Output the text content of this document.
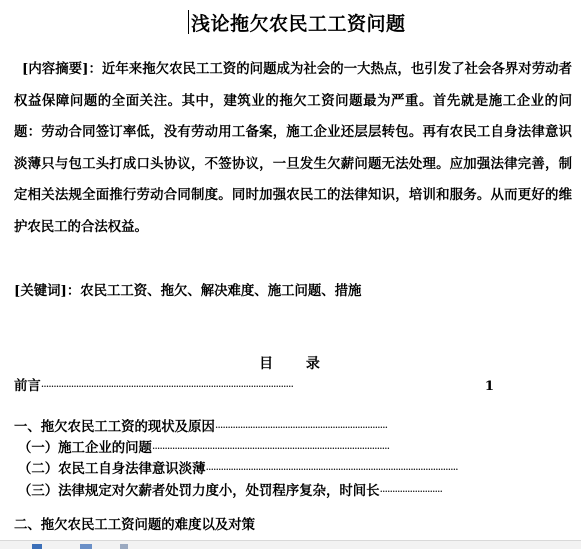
浅论拖欠农民工工资问题
[内容摘要]：近年来拖欠农民工工资的问题成为社会的一大热点，也引发了社会各界对劳动者权益保障问题的全面关注。其中，建筑业的拖欠工资问题最为严重。首先就是施工企业的问题：劳动合同签订率低，没有劳动用工备案，施工企业还层层转包。再有农民工自身法律意识淡薄只与包工头打成口头协议，不签协议，一旦发生欠薪问题无法处理。应加强法律完善，制定相关法规全面推行劳动合同制度。同时加强农民工的法律知识，培训和服务。从而更好的维护农民工的合法权益。
[关键词]：农民工工资、拖欠、解决难度、施工问题、措施
目 录
前言 ·····································································································	1
一、拖欠农民工工资的现状及原因 ·····································································
（一）施工企业的问题 ·······························································································
（二）农民工自身法律意识淡薄 ·····································································································
（三）法律规定对欠薪者处罚力度小，处罚程序复杂，时间长 ·························
二、拖欠农民工工资问题的难度以及对策
